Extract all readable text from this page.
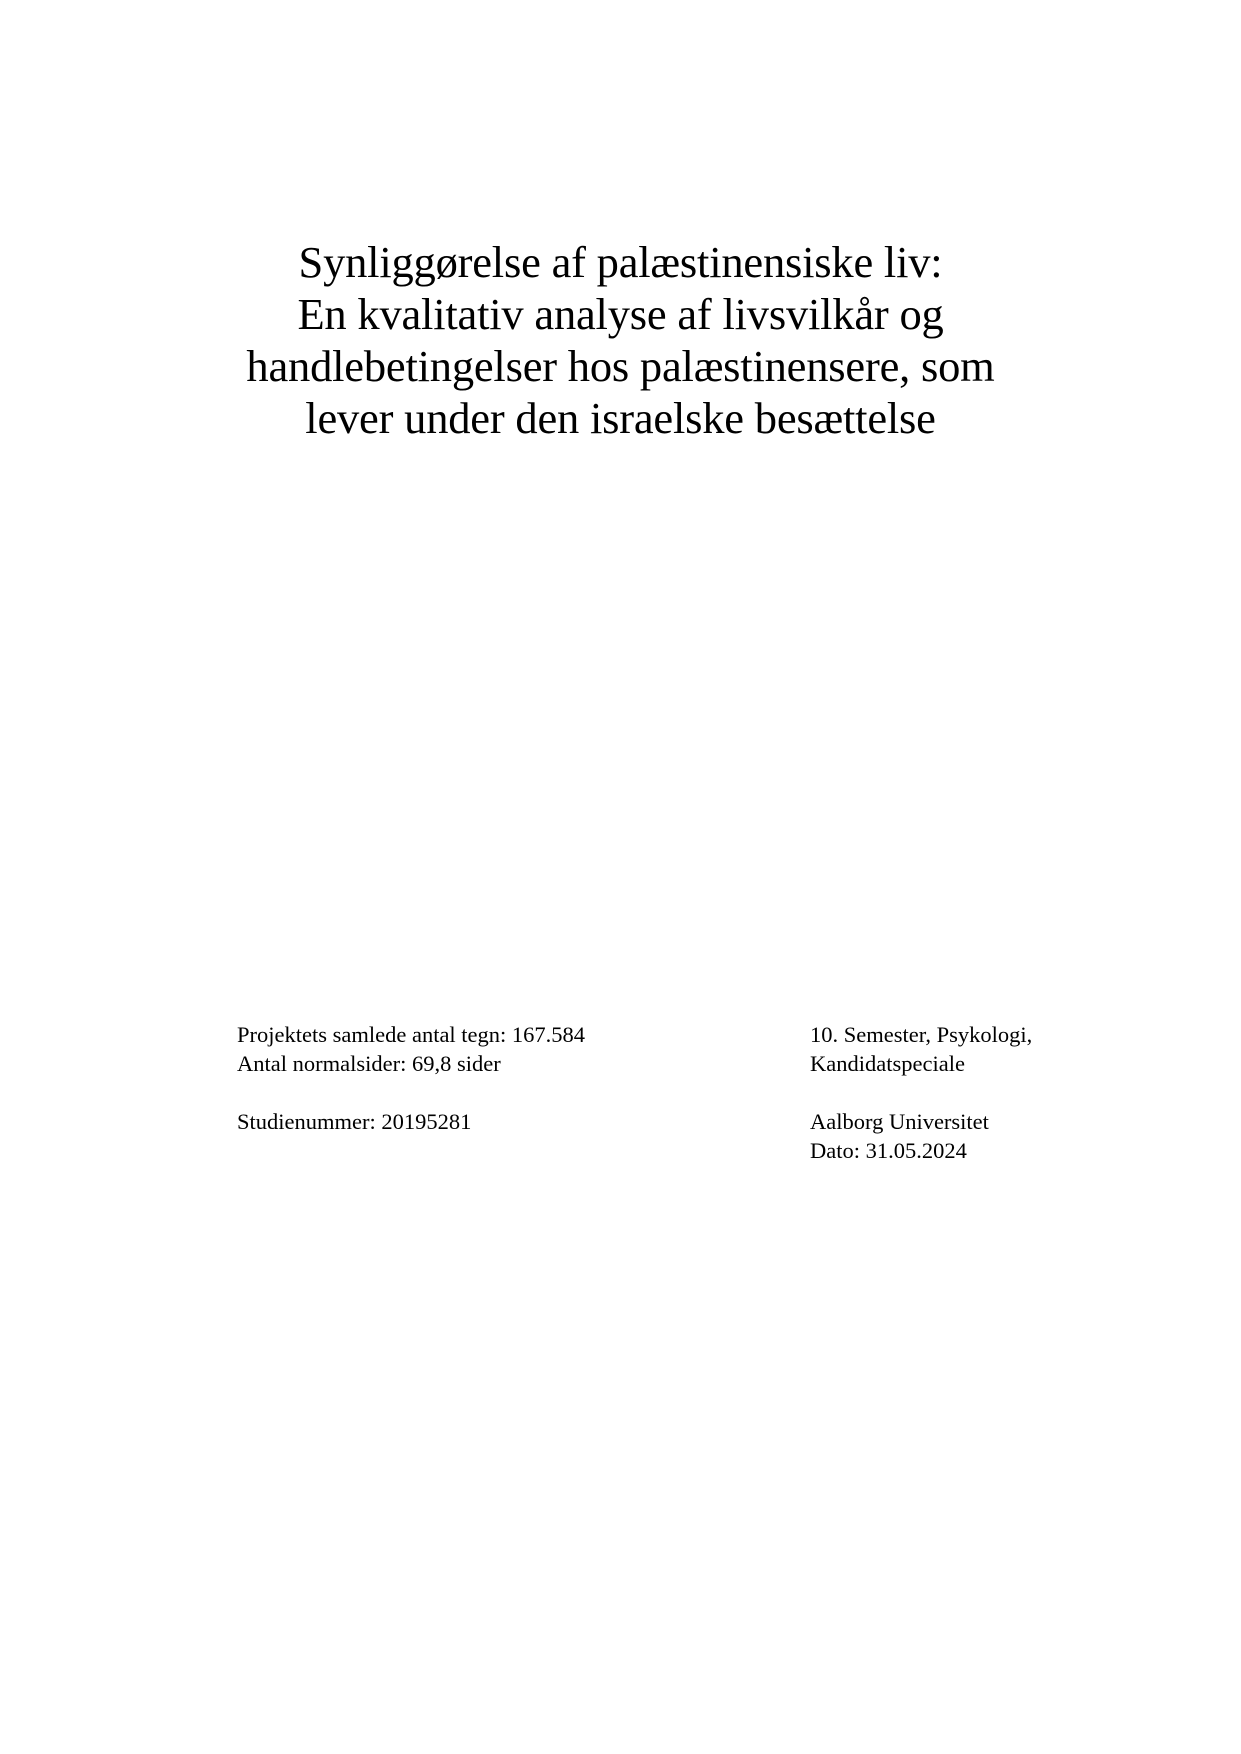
Synliggørelse af palæstinensiske liv:
En kvalitativ analyse af livsvilkår og
handlebetingelser hos palæstinensere, som
lever under den israelske besættelse
Projektets samlede antal tegn: 167.584
Antal normalsider: 69,8 sider
Studienummer: 20195281
10. Semester, Psykologi,
Kandidatspeciale
Aalborg Universitet
Dato: 31.05.2024
